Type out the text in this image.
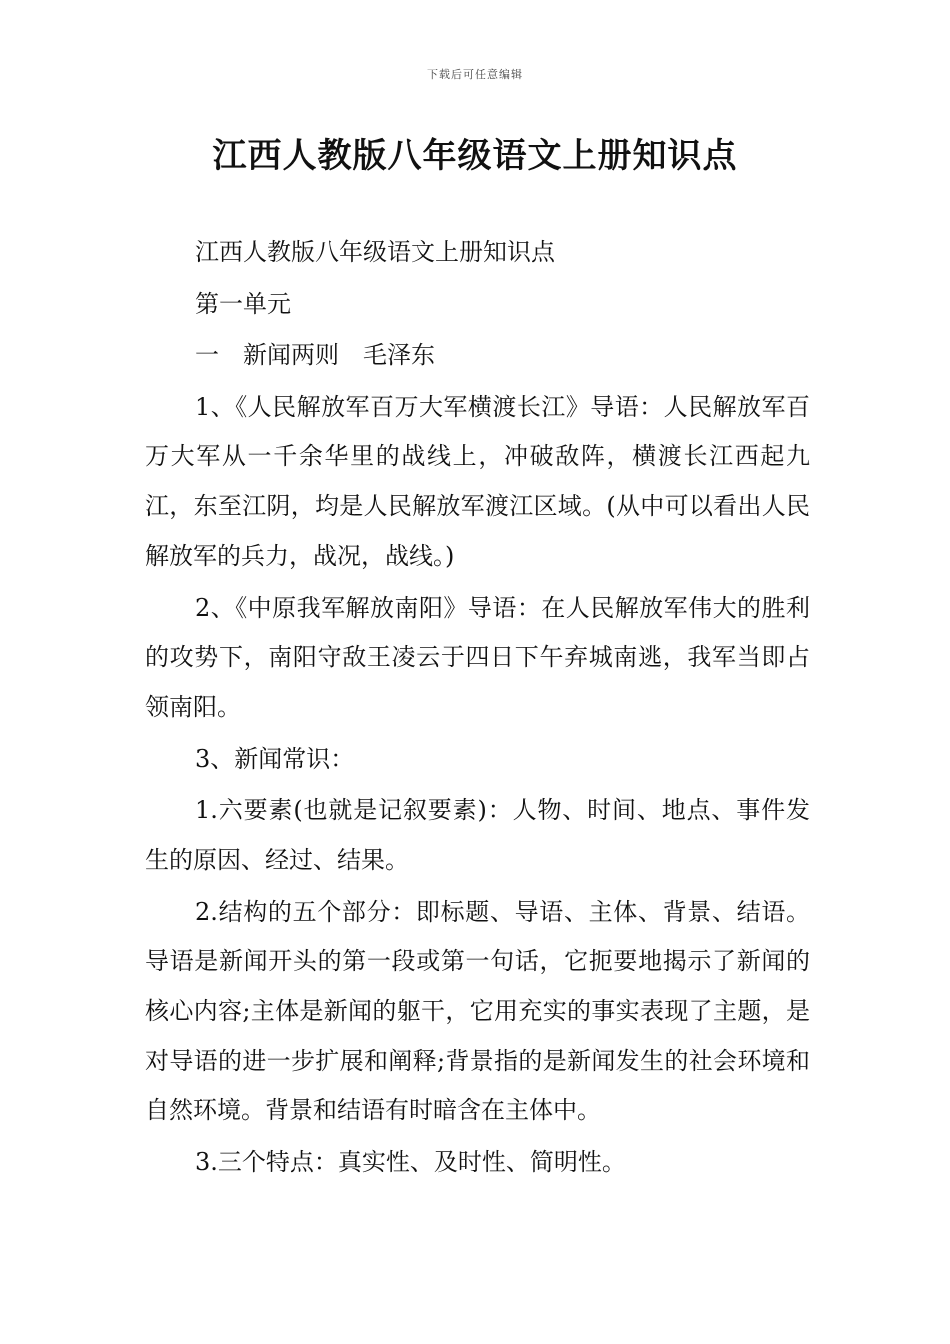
下载后可任意编辑
江西人教版八年级语文上册知识点

江西人教版八年级语文上册知识点

第一单元

一　新闻两则　毛泽东

1、《人民解放军百万大军横渡长江》导语：人民解放军百万大军从一千余华里的战线上，冲破敌阵，横渡长江西起九江，东至江阴，均是人民解放军渡江区域。(从中可以看出人民解放军的兵力，战况，战线。)

2、《中原我军解放南阳》导语：在人民解放军伟大的胜利的攻势下，南阳守敌王凌云于四日下午弃城南逃，我军当即占领南阳。

3、新闻常识：

1.六要素(也就是记叙要素)：人物、时间、地点、事件发生的原因、经过、结果。

2.结构的五个部分：即标题、导语、主体、背景、结语。导语是新闻开头的第一段或第一句话，它扼要地揭示了新闻的核心内容;主体是新闻的躯干，它用充实的事实表现了主题，是对导语的进一步扩展和阐释;背景指的是新闻发生的社会环境和自然环境。背景和结语有时暗含在主体中。

3.三个特点：真实性、及时性、简明性。
